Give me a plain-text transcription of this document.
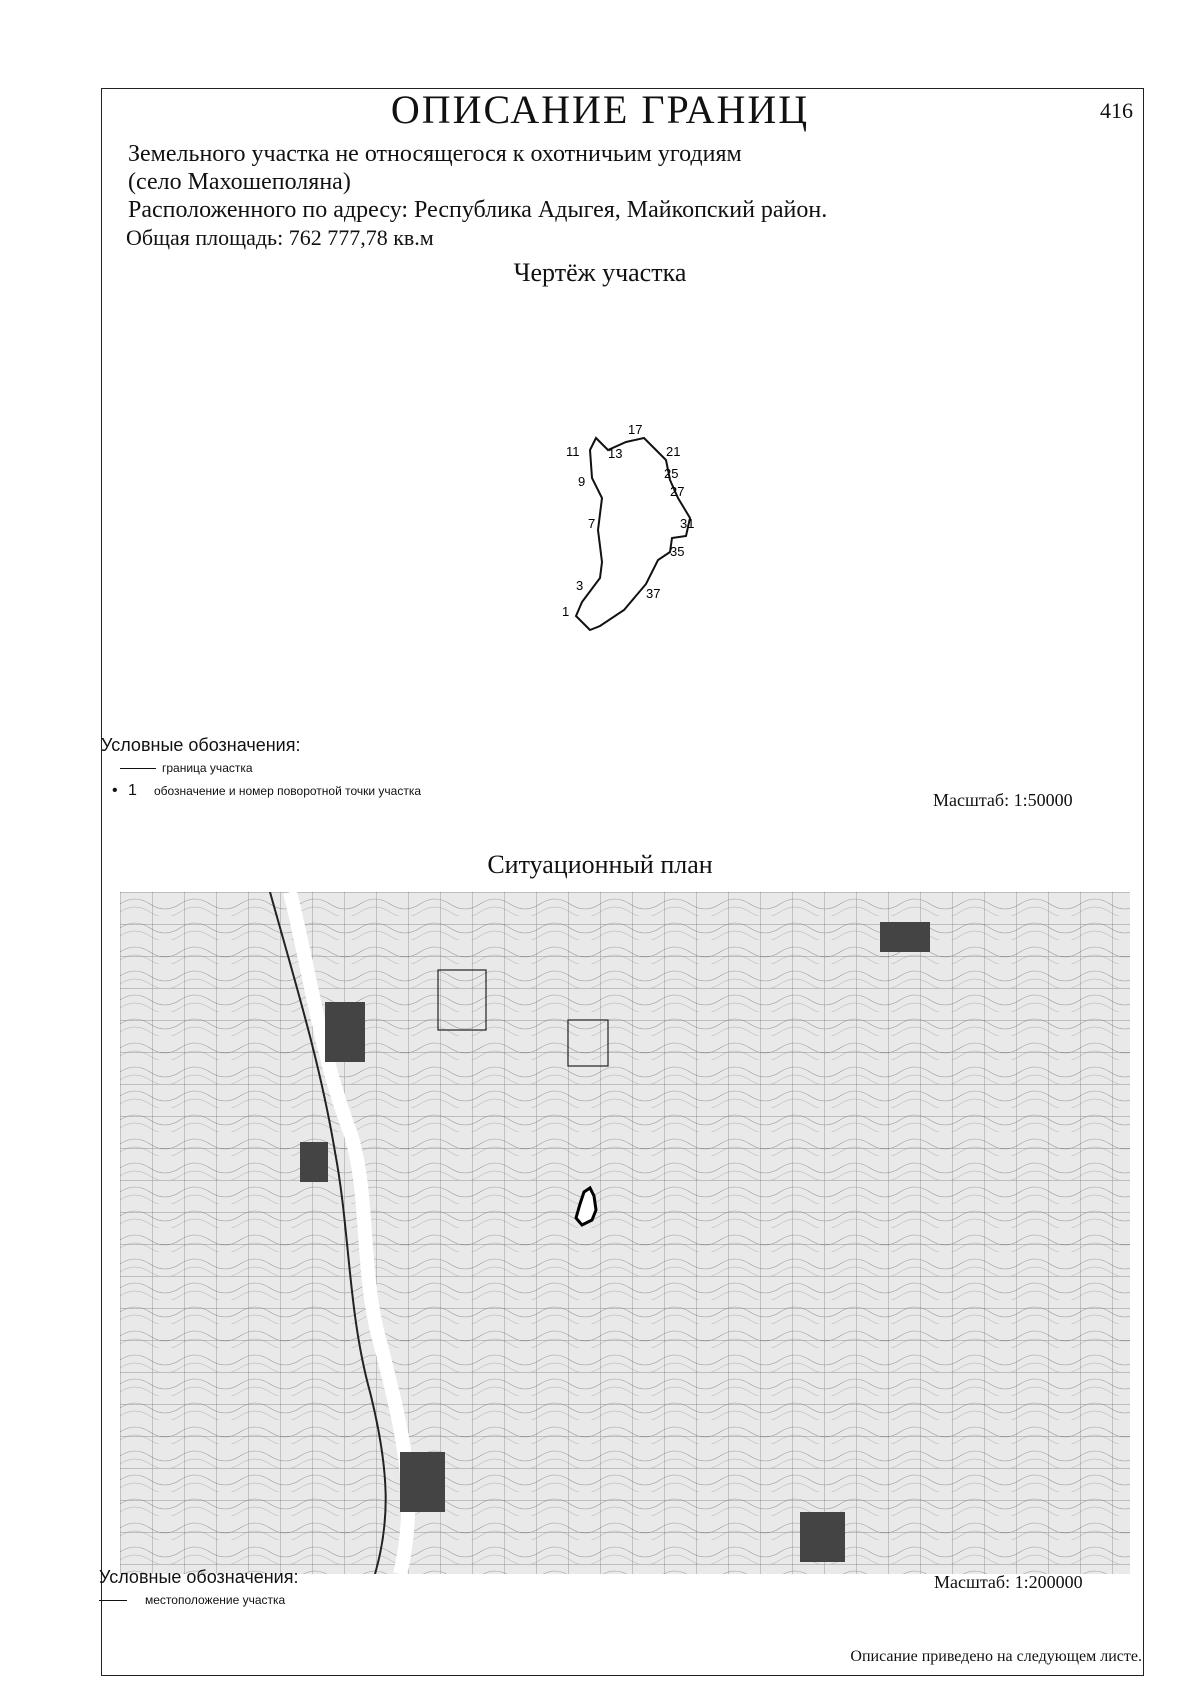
ОПИСАНИЕ ГРАНИЦ	416
Земельного участка не относящегося к охотничьим угодиям
(село Махошеполяна)
Расположенного по адресу: Республика Адыгея, Майкопский район.
Общая площадь: 762 777,78 кв.м
Чертёж участка
11
17
13	21
9
25
27
7	31
35
3
37
1
Условные обозначения:
граница участка
• 1 обозначение и номер поворотной точки участка	Масштаб: 1:50000
Ситуационный план
Условные обозначения:
местоположение участка
Масштаб: 1:200000
Описание приведено на следующем листе.
